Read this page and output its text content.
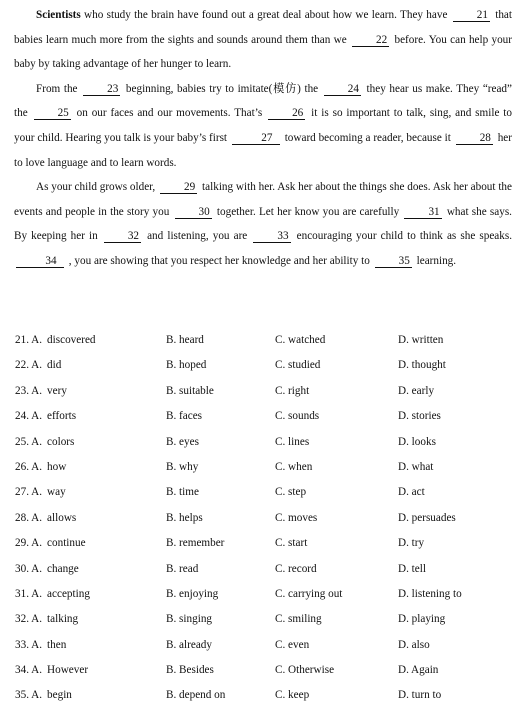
Scientists who study the brain have found out a great deal about how we learn. They have 21 that babies learn much more from the sights and sounds around them than we 22 before. You can help your baby by taking advantage of her hunger to learn.

From the 23 beginning, babies try to imitate(模仿) the 24 they hear us make. They “read” the 25 on our faces and our movements. That’s 26 it is so important to talk, sing, and smile to your child. Hearing you talk is your baby’s first	27 toward becoming a reader, because it 28 her to love language and to learn words.

As your child grows older, 29 talking with her. Ask her about the things she does. Ask her about the events and people in the story you 30 together. Let her know you are carefully 31 what she says. By keeping her in 32 and listening, you are 33 encouraging your child to think as she speaks. 34 , you are showing that you respect her knowledge and her ability to 35 learning.

21. A. discovered	B. heard	C. watched	D. written
22. A. did	B. hoped	C. studied	D. thought
23. A. very	B. suitable	C. right	D. early
24. A. efforts	B. faces	C. sounds	D. stories
25. A. colors	B. eyes	C. lines	D. looks
26. A. how	B. why	C. when	D. what
27. A. way	B. time	C. step	D. act
28. A. allows	B. helps	C. moves	D. persuades
29. A. continue	B. remember	C. start	D. try
30. A. change	B. read	C. record	D. tell
31. A. accepting	B. enjoying	C. carrying out	D. listening to
32. A. talking	B. singing	C. smiling	D. playing
33. A. then	B. already	C. even	D. also
34. A. However	B. Besides	C. Otherwise	D. Again
35. A. begin	B. depend on	C. keep	D. turn to
